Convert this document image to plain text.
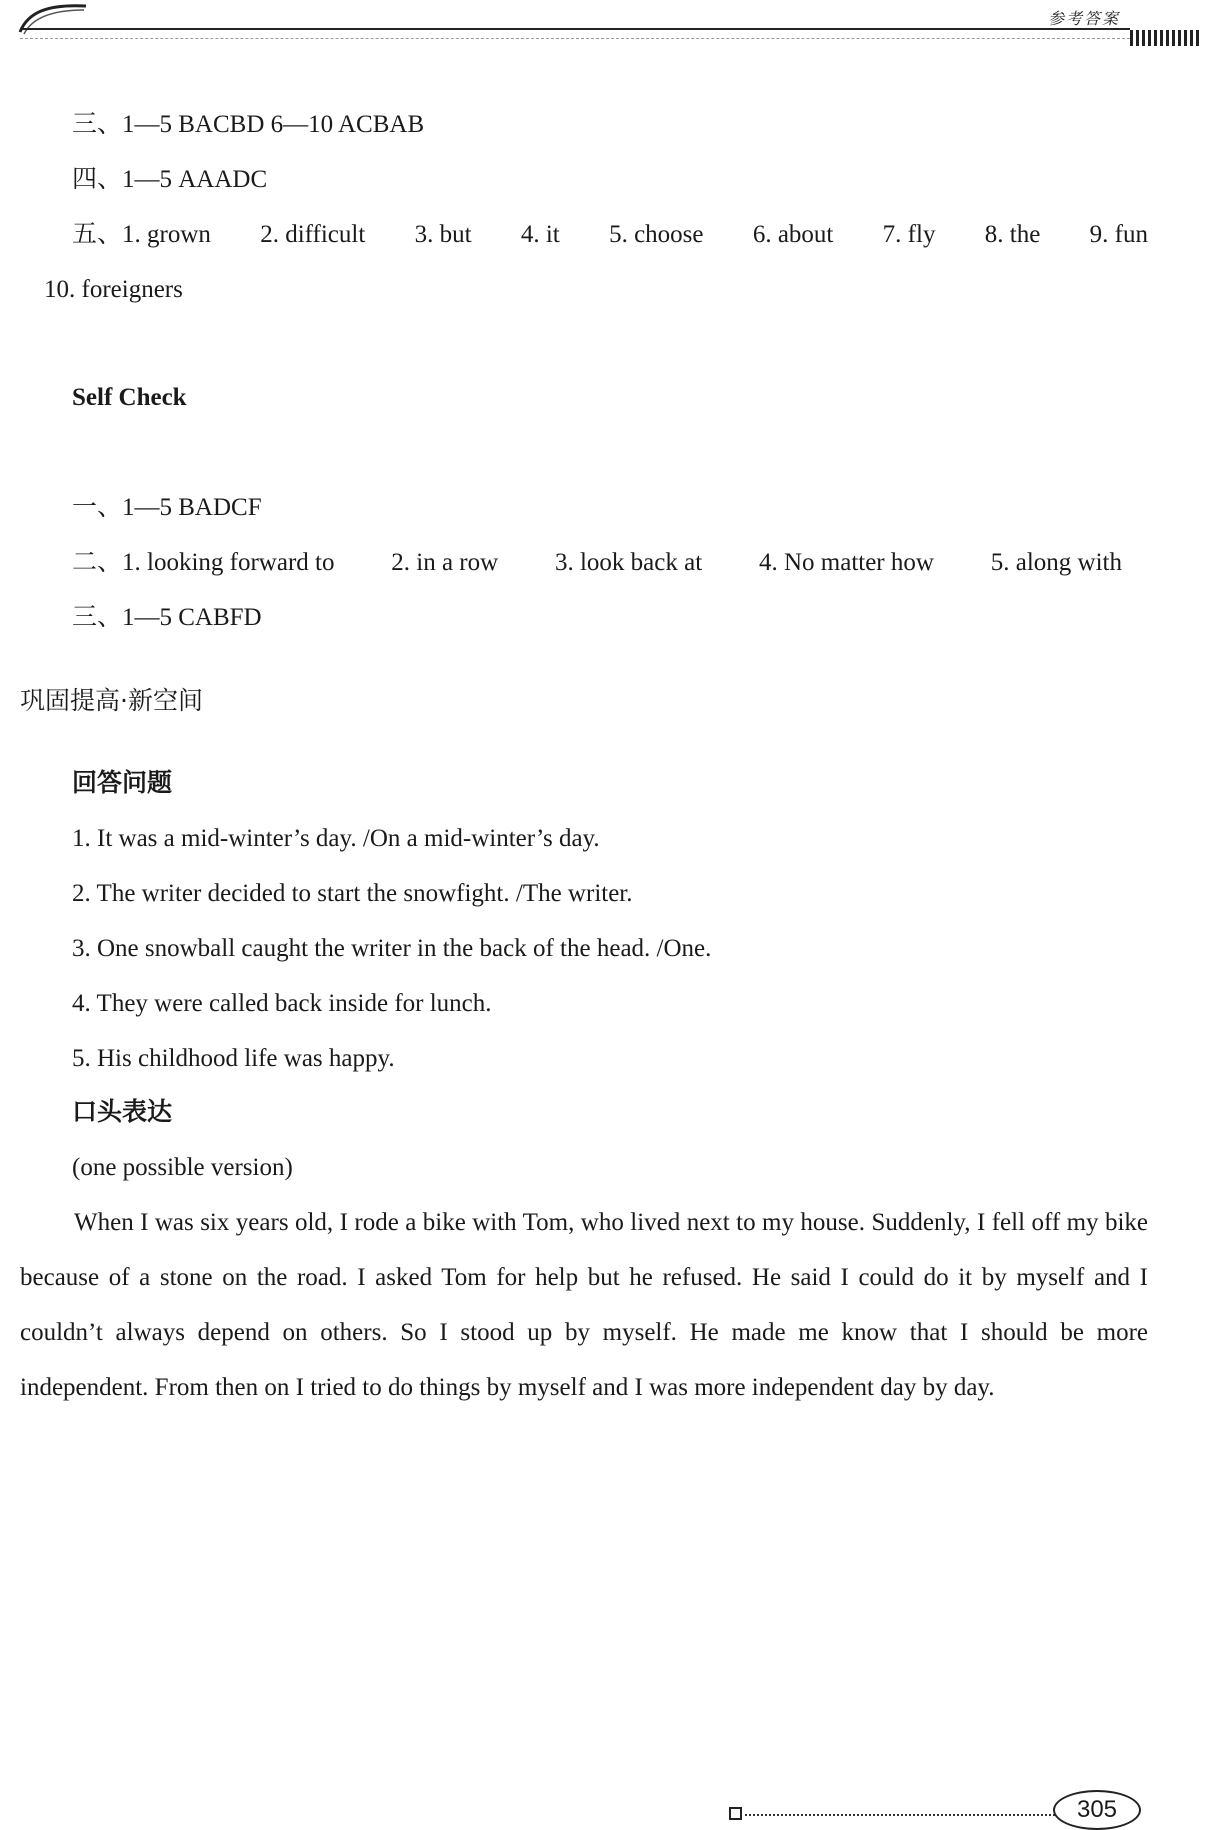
参考答案
三、1—5 BACBD 6—10 ACBAB
四、1—5 AAADC
五、1. grown 2. difficult 3. but 4. it 5. choose 6. about 7. fly 8. the 9. fun
10. foreigners
Self Check
一、1—5 BADCF
二、1. looking forward to 2. in a row 3. look back at 4. No matter how 5. along with
三、1—5 CABFD
巩固提高·新空间
回答问题
1. It was a mid-winter’s day. /On a mid-winter’s day.
2. The writer decided to start the snowfight. /The writer.
3. One snowball caught the writer in the back of the head. /One.
4. They were called back inside for lunch.
5. His childhood life was happy.
口头表达
(one possible version)
When I was six years old, I rode a bike with Tom, who lived next to my house. Suddenly, I fell off my bike because of a stone on the road. I asked Tom for help but he refused. He said I could do it by myself and I couldn’t always depend on others. So I stood up by myself. He made me know that I should be more independent. From then on I tried to do things by myself and I was more independent day by day.
305
